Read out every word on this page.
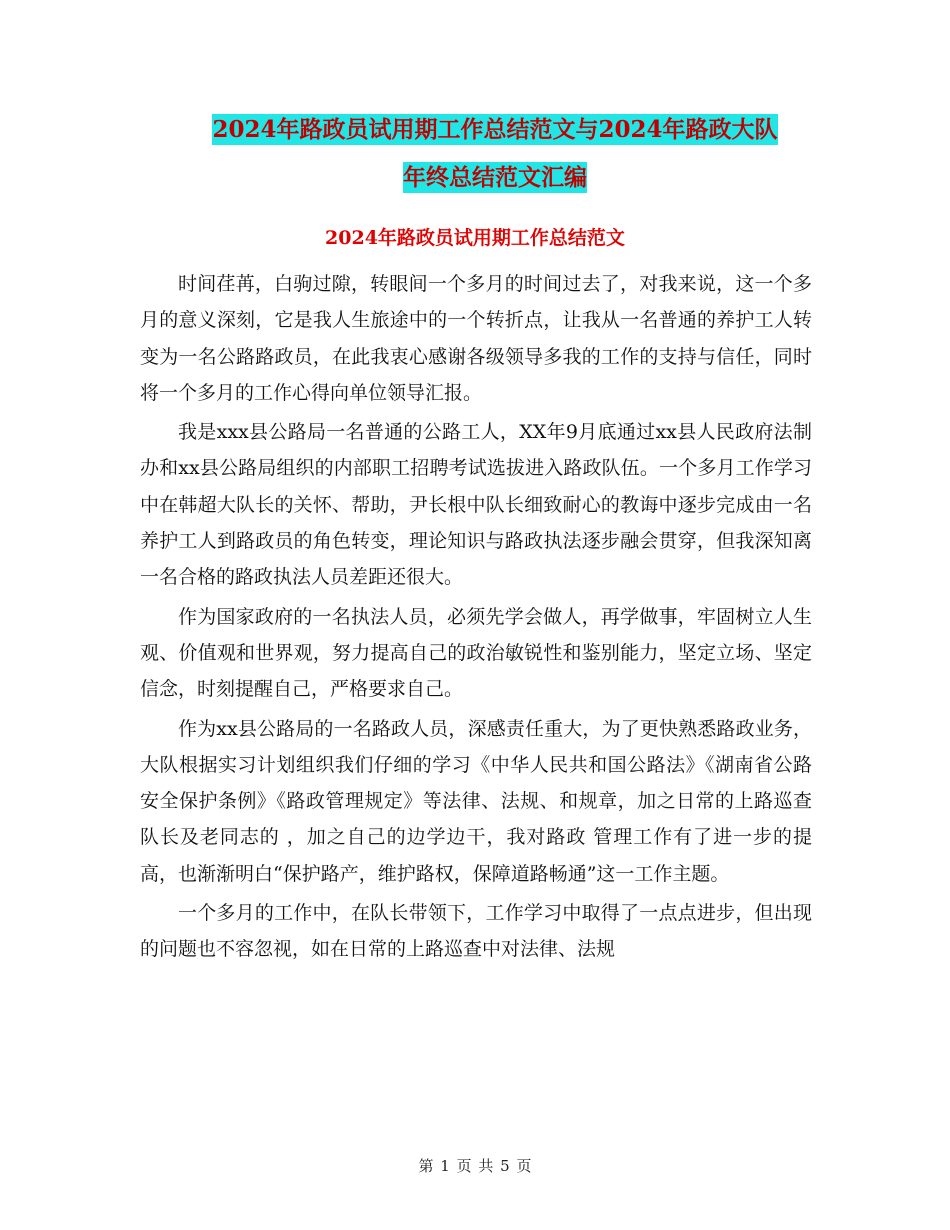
2024年路政员试用期工作总结范文与2024年路政大队
年终总结范文汇编
2024年路政员试用期工作总结范文

时间荏苒，白驹过隙，转眼间一个多月的时间过去了，对我来说，这一个多月的意义深刻，它是我人生旅途中的一个转折点，让我从一名普通的养护工人转变为一名公路路政员，在此我衷心感谢各级领导多我的工作的支持与信任，同时将一个多月的工作心得向单位领导汇报。

我是xxx县公路局一名普通的公路工人，XX年9月底通过xx县人民政府法制办和xx县公路局组织的内部职工招聘考试选拔进入路政队伍。一个多月工作学习中在韩超大队长的关怀、帮助，尹长根中队长细致耐心的教诲中逐步完成由一名养护工人到路政员的角色转变，理论知识与路政执法逐步融会贯穿，但我深知离一名合格的路政执法人员差距还很大。

作为国家政府的一名执法人员，必须先学会做人，再学做事，牢固树立人生观、价值观和世界观，努力提高自己的政治敏锐性和鉴别能力，坚定立场、坚定信念，时刻提醒自己，严格要求自己。

作为xx县公路局的一名路政人员，深感责任重大，为了更快熟悉路政业务，大队根据实习计划组织我们仔细的学习《中华人民共和国公路法》《湖南省公路安全保护条例》《路政管理规定》等法律、法规、和规章，加之日常的上路巡查队长及老同志的 ，加之自己的边学边干，我对路政 管理工作有了进一步的提高，也渐渐明白“保护路产，维护路权，保障道路畅通”这一工作主题。

一个多月的工作中，在队长带领下，工作学习中取得了一点点进步，但出现的问题也不容忽视，如在日常的上路巡查中对法律、法规

第 1 页 共 5 页
